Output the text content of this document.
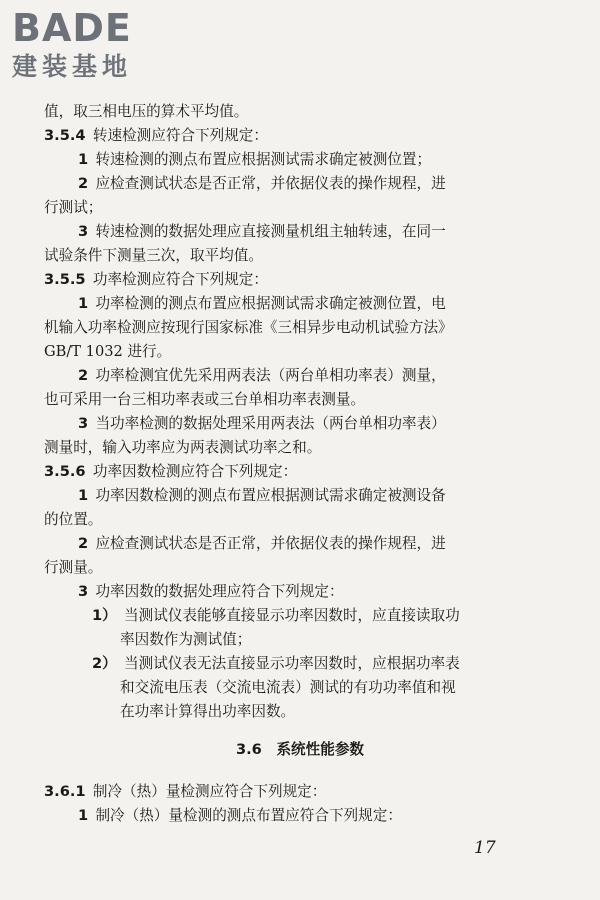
BADE
建装基地
值，取三相电压的算术平均值。
3.5.4  转速检测应符合下列规定：
1  转速检测的测点布置应根据测试需求确定被测位置；
2  应检查测试状态是否正常，并依据仪表的操作规程，进
行测试；
3  转速检测的数据处理应直接测量机组主轴转速，在同一
试验条件下测量三次，取平均值。
3.5.5  功率检测应符合下列规定：
1  功率检测的测点布置应根据测试需求确定被测位置，电
机输入功率检测应按现行国家标准《三相异步电动机试验方法》
GB/T 1032 进行。
2  功率检测宜优先采用两表法（两台单相功率表）测量，
也可采用一台三相功率表或三台单相功率表测量。
3  当功率检测的数据处理采用两表法（两台单相功率表）
测量时，输入功率应为两表测试功率之和。
3.5.6  功率因数检测应符合下列规定：
1  功率因数检测的测点布置应根据测试需求确定被测设备
的位置。
2  应检查测试状态是否正常，并依据仪表的操作规程，进
行测量。
3  功率因数的数据处理应符合下列规定：
1）  当测试仪表能够直接显示功率因数时，应直接读取功
率因数作为测试值；
2）  当测试仪表无法直接显示功率因数时，应根据功率表
和交流电压表（交流电流表）测试的有功功率值和视
在功率计算得出功率因数。
3.6　 系统性能参数
3.6.1  制冷（热）量检测应符合下列规定：
1  制冷（热）量检测的测点布置应符合下列规定：
17
